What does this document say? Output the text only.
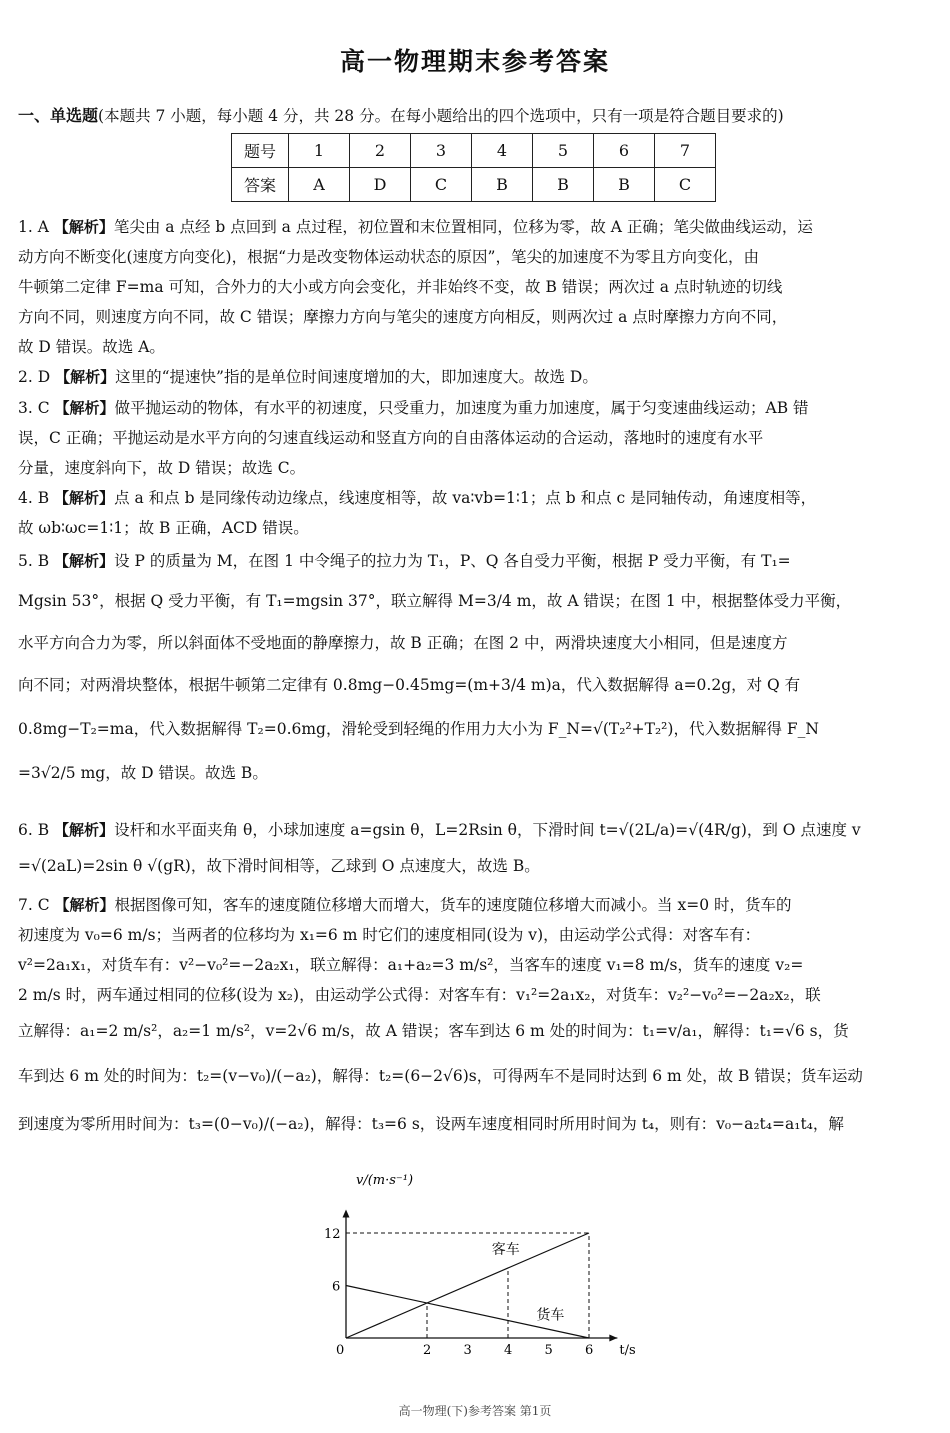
高一物理期末参考答案
一、单选题(本题共 7 小题，每小题 4 分，共 28 分。在每小题给出的四个选项中，只有一项是符合题目要求的)
题号	1	2	3	4	5	6	7
答案	A	D	C	B	B	B	C
1. A 【解析】笔尖由 a 点经 b 点回到 a 点过程，初位置和末位置相同，位移为零，故 A 正确；笔尖做曲线运动，运
动方向不断变化(速度方向变化)，根据“力是改变物体运动状态的原因”，笔尖的加速度不为零且方向变化，由
牛顿第二定律 F=ma 可知，合外力的大小或方向会变化，并非始终不变，故 B 错误；两次过 a 点时轨迹的切线
方向不同，则速度方向不同，故 C 错误；摩擦力方向与笔尖的速度方向相反，则两次过 a 点时摩擦力方向不同，
故 D 错误。故选 A。
2. D 【解析】这里的“提速快”指的是单位时间速度增加的大，即加速度大。故选 D。
3. C 【解析】做平抛运动的物体，有水平的初速度，只受重力，加速度为重力加速度，属于匀变速曲线运动；AB 错
误，C 正确；平抛运动是水平方向的匀速直线运动和竖直方向的自由落体运动的合运动，落地时的速度有水平
分量，速度斜向下，故 D 错误；故选 C。
4. B 【解析】点 a 和点 b 是同缘传动边缘点，线速度相等，故 va∶vb=1∶1；点 b 和点 c 是同轴传动，角速度相等，
故 ωb∶ωc=1∶1；故 B 正确，ACD 错误。
5. B 【解析】设 P 的质量为 M，在图 1 中令绳子的拉力为 T₁，P、Q 各自受力平衡，根据 P 受力平衡，有 T₁=
Mgsin 53°，根据 Q 受力平衡，有 T₁=mgsin 37°，联立解得 M=3/4 m，故 A 错误；在图 1 中，根据整体受力平衡，
水平方向合力为零，所以斜面体不受地面的静摩擦力，故 B 正确；在图 2 中，两滑块速度大小相同，但是速度方
向不同；对两滑块整体，根据牛顿第二定律有 0.8mg−0.45mg=(m+3/4 m)a，代入数据解得 a=0.2g，对 Q 有
0.8mg−T₂=ma，代入数据解得 T₂=0.6mg，滑轮受到轻绳的作用力大小为 F_N=√(T₂²+T₂²)，代入数据解得 F_N
=3√2/5 mg，故 D 错误。故选 B。
6. B 【解析】设杆和水平面夹角 θ，小球加速度 a=gsin θ，L=2Rsin θ，下滑时间 t=√(2L/a)=√(4R/g)，到 O 点速度 v
=√(2aL)=2sin θ √(gR)，故下滑时间相等，乙球到 O 点速度大，故选 B。
7. C 【解析】根据图像可知，客车的速度随位移增大而增大，货车的速度随位移增大而减小。当 x=0 时，货车的
初速度为 v₀=6 m/s；当两者的位移均为 x₁=6 m 时它们的速度相同(设为 v)，由运动学公式得：对客车有：
v²=2a₁x₁，对货车有：v²−v₀²=−2a₂x₁，联立解得：a₁+a₂=3 m/s²，当客车的速度 v₁=8 m/s，货车的速度 v₂=
2 m/s 时，两车通过相同的位移(设为 x₂)，由运动学公式得：对客车有：v₁²=2a₁x₂，对货车：v₂²−v₀²=−2a₂x₂，联
立解得：a₁=2 m/s²，a₂=1 m/s²，v=2√6 m/s，故 A 错误；客车到达 6 m 处的时间为：t₁=v/a₁，解得：t₁=√6 s，货
车到达 6 m 处的时间为：t₂=(v−v₀)/(−a₂)，解得：t₂=(6−2√6)s，可得两车不是同时达到 6 m 处，故 B 错误；货车运动
到速度为零所用时间为：t₃=(0−v₀)/(−a₂)，解得：t₃=6 s，设两车速度相同时所用时间为 t₄，则有：v₀−a₂t₄=a₁t₄，解
客车
货车
0	2 3 4 5 6
6
12
v/(m·s⁻¹)
t/s
高一物理(下)参考答案 第1页
